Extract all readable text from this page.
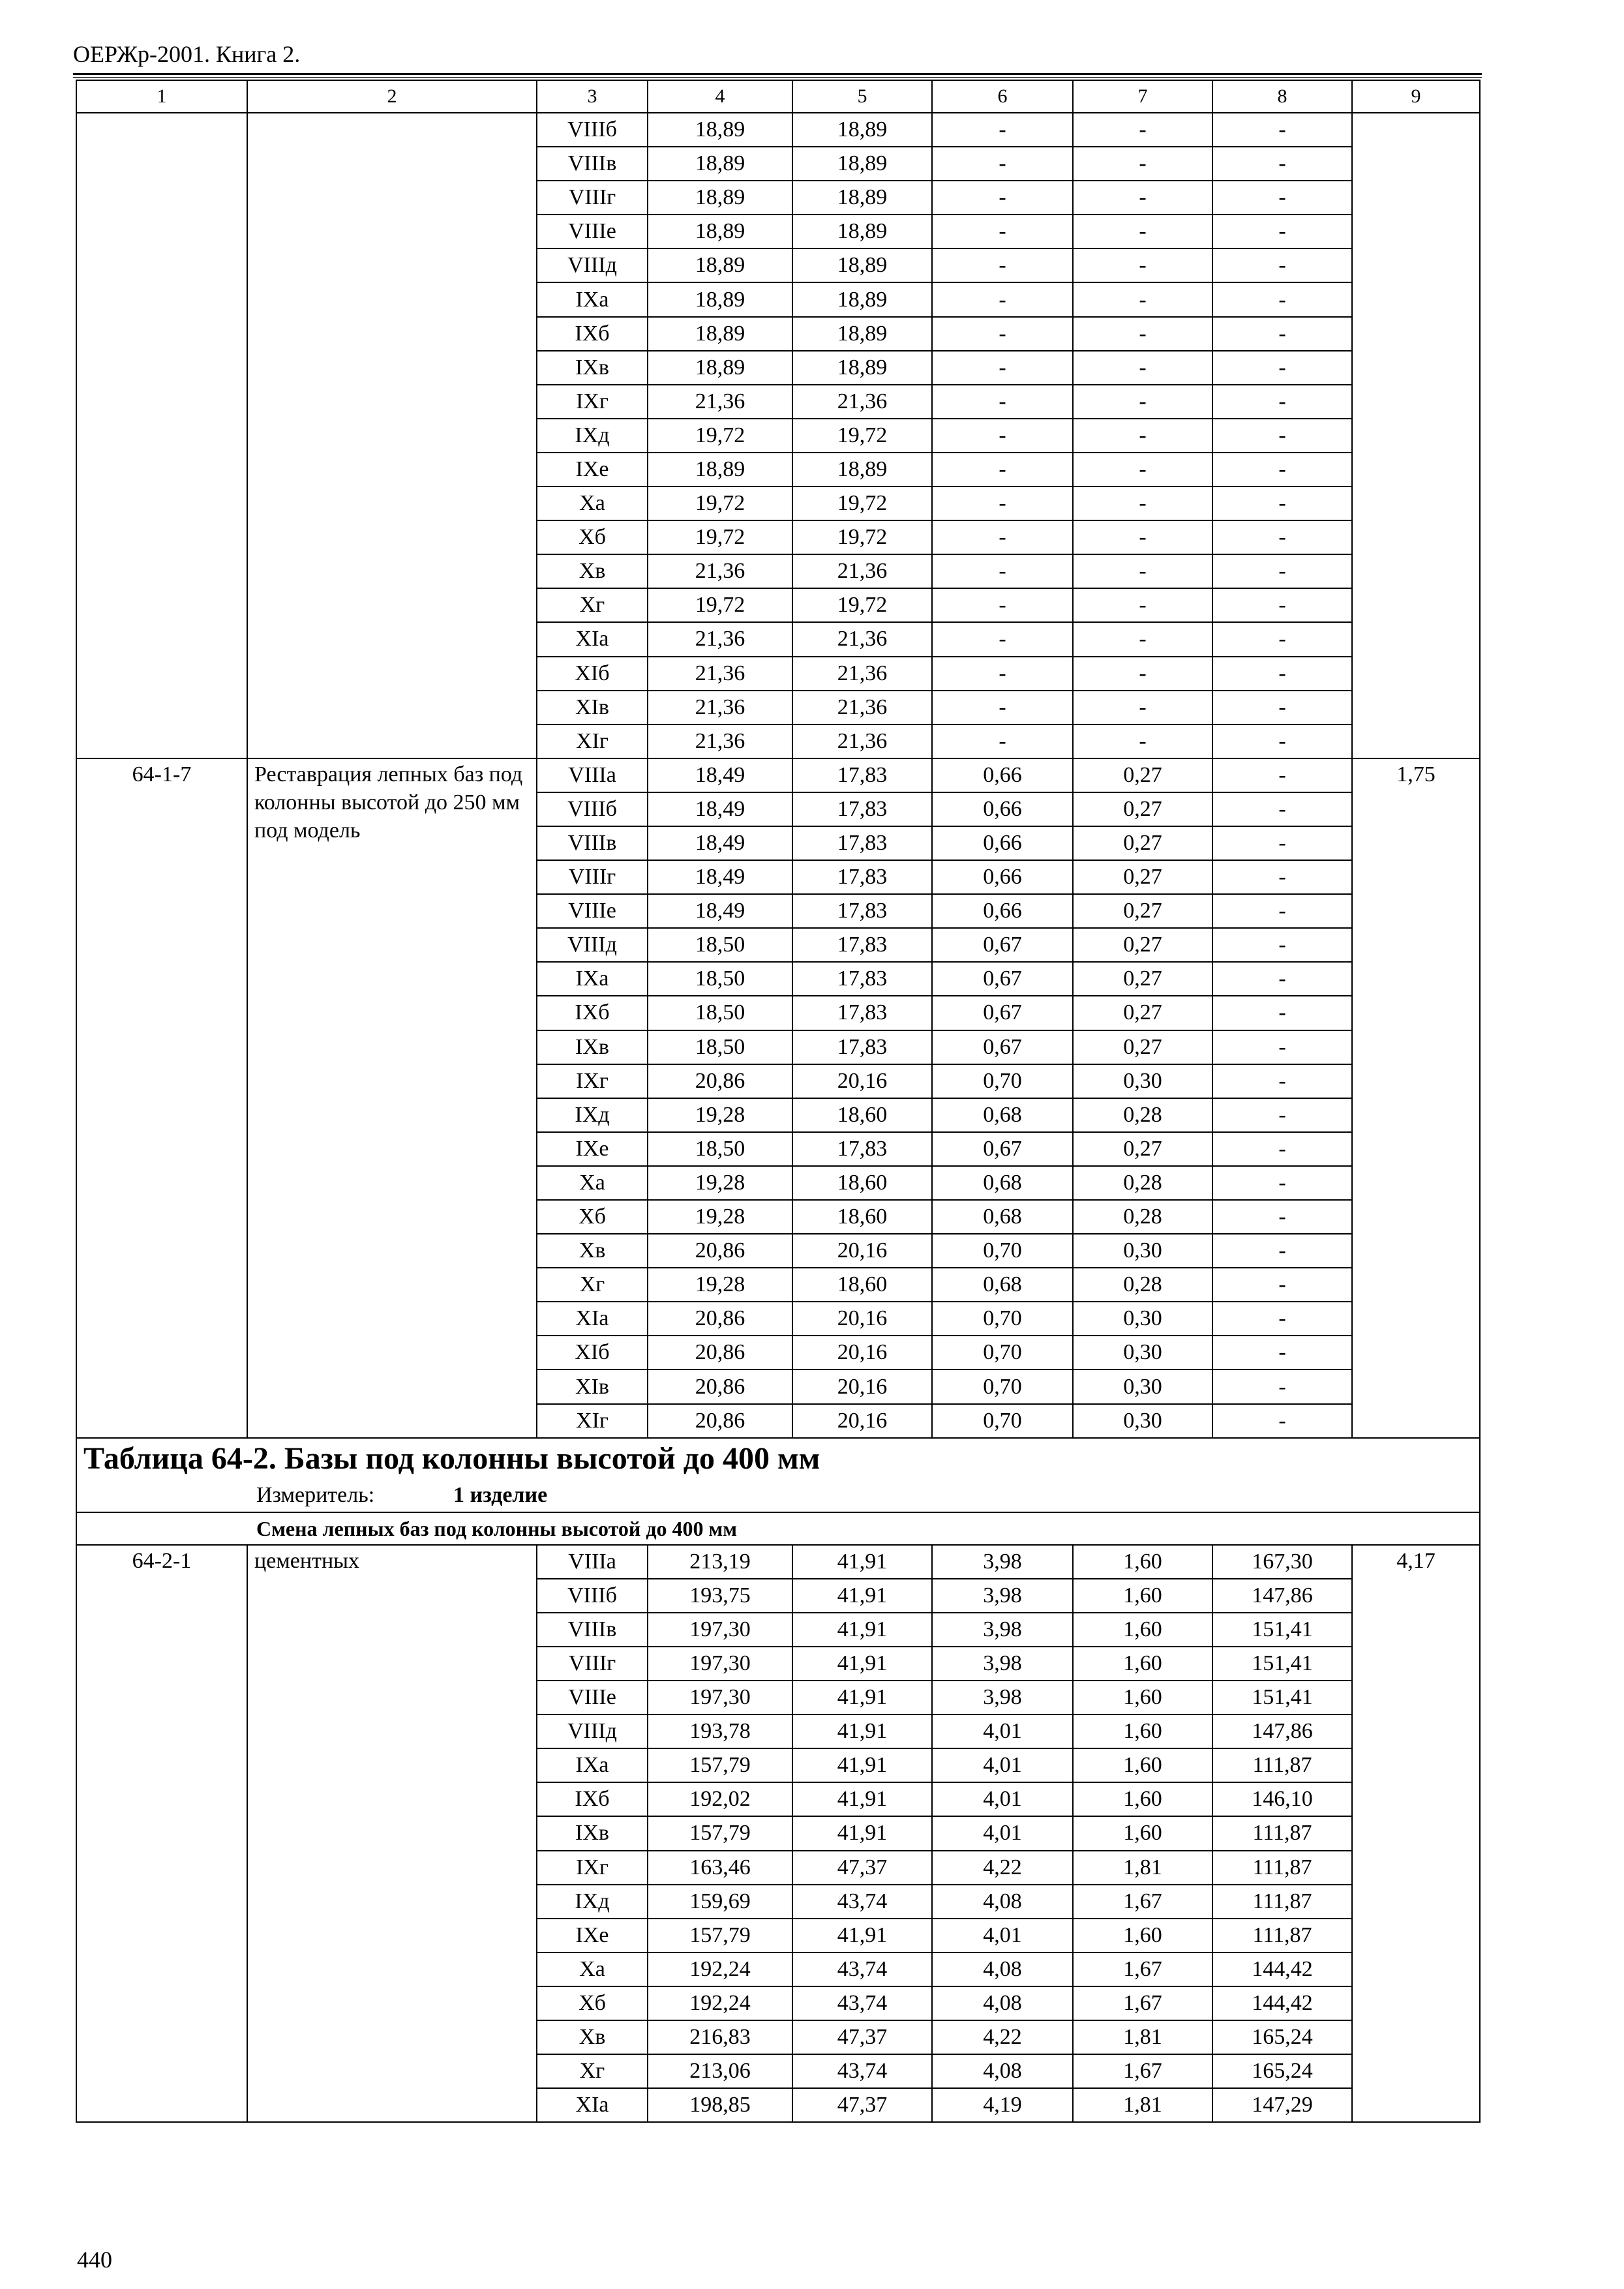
ОЕРЖр-2001. Книга 2.
1	2	3	4	5	6	7	8	9
		VIIIб	18,89	18,89	-	-	-	
		VIIIв	18,89	18,89	-	-	-	
		VIIIг	18,89	18,89	-	-	-	
		VIIIе	18,89	18,89	-	-	-	
		VIIIд	18,89	18,89	-	-	-	
		IXа	18,89	18,89	-	-	-	
		IXб	18,89	18,89	-	-	-	
		IXв	18,89	18,89	-	-	-	
		IXг	21,36	21,36	-	-	-	
		IXд	19,72	19,72	-	-	-	
		IXе	18,89	18,89	-	-	-	
		Xа	19,72	19,72	-	-	-	
		Xб	19,72	19,72	-	-	-	
		Xв	21,36	21,36	-	-	-	
		Xг	19,72	19,72	-	-	-	
		XIа	21,36	21,36	-	-	-	
		XIб	21,36	21,36	-	-	-	
		XIв	21,36	21,36	-	-	-	
		XIг	21,36	21,36	-	-	-	
64-1-7	Реставрация лепных баз под колонны высотой до 250 мм под модель	VIIIа	18,49	17,83	0,66	0,27	-	1,75
		VIIIб	18,49	17,83	0,66	0,27	-	
		VIIIв	18,49	17,83	0,66	0,27	-	
		VIIIг	18,49	17,83	0,66	0,27	-	
		VIIIе	18,49	17,83	0,66	0,27	-	
		VIIIд	18,50	17,83	0,67	0,27	-	
		IXа	18,50	17,83	0,67	0,27	-	
		IXб	18,50	17,83	0,67	0,27	-	
		IXв	18,50	17,83	0,67	0,27	-	
		IXг	20,86	20,16	0,70	0,30	-	
		IXд	19,28	18,60	0,68	0,28	-	
		IXе	18,50	17,83	0,67	0,27	-	
		Xа	19,28	18,60	0,68	0,28	-	
		Xб	19,28	18,60	0,68	0,28	-	
		Xв	20,86	20,16	0,70	0,30	-	
		Xг	19,28	18,60	0,68	0,28	-	
		XIа	20,86	20,16	0,70	0,30	-	
		XIб	20,86	20,16	0,70	0,30	-	
		XIв	20,86	20,16	0,70	0,30	-	
		XIг	20,86	20,16	0,70	0,30	-	
Таблица 64-2. Базы под колонны высотой до 400 мм								
Измеритель: 1 изделие								
Смена лепных баз под колонны высотой до 400 мм								
64-2-1	цементных	VIIIа	213,19	41,91	3,98	1,60	167,30	4,17
		VIIIб	193,75	41,91	3,98	1,60	147,86	
		VIIIв	197,30	41,91	3,98	1,60	151,41	
		VIIIг	197,30	41,91	3,98	1,60	151,41	
		VIIIе	197,30	41,91	3,98	1,60	151,41	
		VIIIд	193,78	41,91	4,01	1,60	147,86	
		IXа	157,79	41,91	4,01	1,60	111,87	
		IXб	192,02	41,91	4,01	1,60	146,10	
		IXв	157,79	41,91	4,01	1,60	111,87	
		IXг	163,46	47,37	4,22	1,81	111,87	
		IXд	159,69	43,74	4,08	1,67	111,87	
		IXе	157,79	41,91	4,01	1,60	111,87	
		Xа	192,24	43,74	4,08	1,67	144,42	
		Xб	192,24	43,74	4,08	1,67	144,42	
		Xв	216,83	47,37	4,22	1,81	165,24	
		Xг	213,06	43,74	4,08	1,67	165,24	
		XIа	198,85	47,37	4,19	1,81	147,29	
440
